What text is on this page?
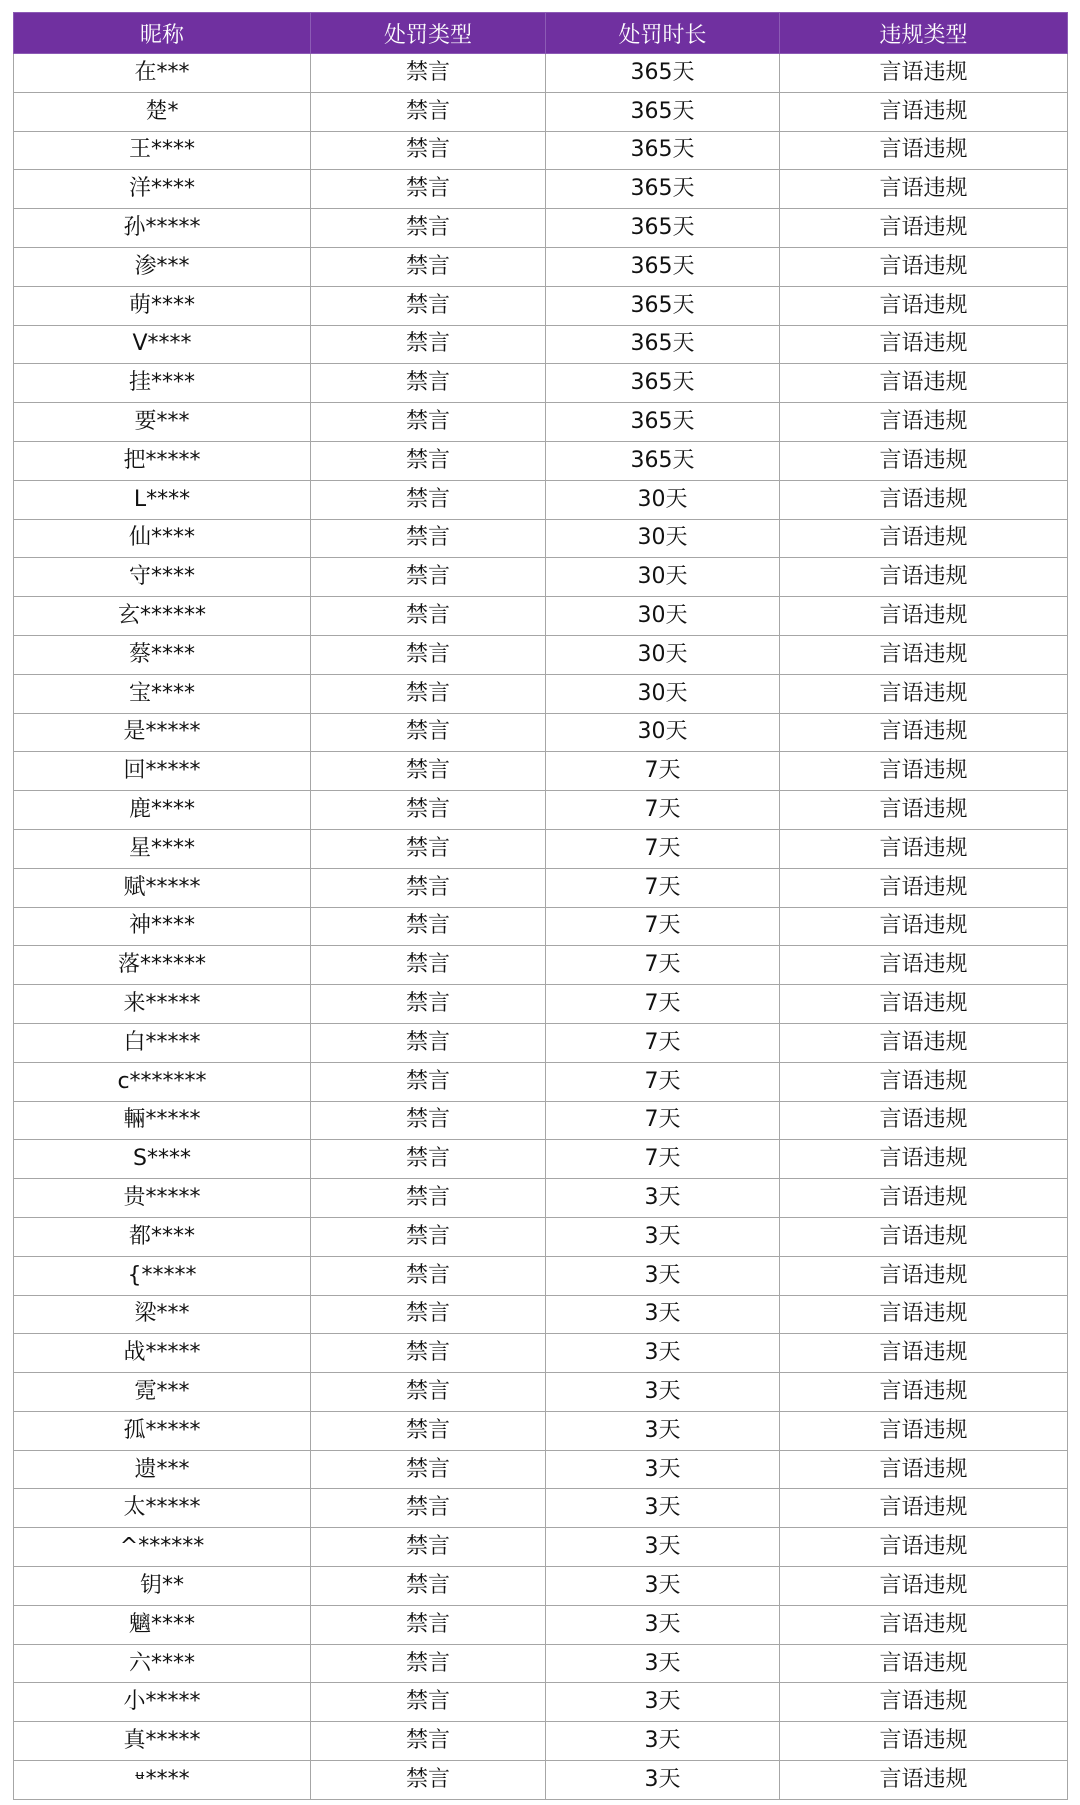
昵称	处罚类型	处罚时长	违规类型
在***	禁言	365天	言语违规
楚*	禁言	365天	言语违规
王****	禁言	365天	言语违规
洋****	禁言	365天	言语违规
孙*****	禁言	365天	言语违规
渗***	禁言	365天	言语违规
萌****	禁言	365天	言语违规
V****	禁言	365天	言语违规
挂****	禁言	365天	言语违规
要***	禁言	365天	言语违规
把*****	禁言	365天	言语违规
L****	禁言	30天	言语违规
仙****	禁言	30天	言语违规
守****	禁言	30天	言语违规
玄******	禁言	30天	言语违规
蔡****	禁言	30天	言语违规
宝****	禁言	30天	言语违规
是*****	禁言	30天	言语违规
回*****	禁言	7天	言语违规
鹿****	禁言	7天	言语违规
星****	禁言	7天	言语违规
赋*****	禁言	7天	言语违规
神****	禁言	7天	言语违规
落******	禁言	7天	言语违规
来*****	禁言	7天	言语违规
白*****	禁言	7天	言语违规
c*******	禁言	7天	言语违规
輛*****	禁言	7天	言语违规
S****	禁言	7天	言语违规
贵*****	禁言	3天	言语违规
都****	禁言	3天	言语违规
{*****	禁言	3天	言语违规
梁***	禁言	3天	言语违规
战*****	禁言	3天	言语违规
霓***	禁言	3天	言语违规
孤*****	禁言	3天	言语违规
遗***	禁言	3天	言语违规
太*****	禁言	3天	言语违规
^******	禁言	3天	言语违规
钥**	禁言	3天	言语违规
魑****	禁言	3天	言语违规
六****	禁言	3天	言语违规
小*****	禁言	3天	言语违规
真*****	禁言	3天	言语违规
ᶶ****	禁言	3天	言语违规
